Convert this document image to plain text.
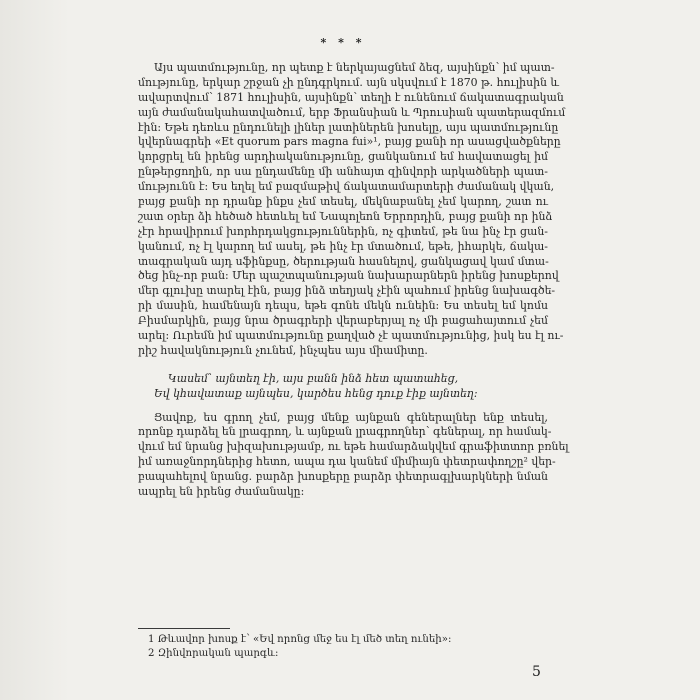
* * *
Այս պատմությունը, որ պետք է ներկայացնեմ ձեզ, այսինքն՝ իմ պատ-
մությունը, երկար շրջան չի ընդգրկում. այն սկսվում է 1870 թ. հուլիսին և
ավարտվում՝ 1871 հուլիսին, այսինքն՝ տեղի է ունենում ճակատագրական
այն ժամանակահատվածում, երբ Ֆրանսիան և Պրուսիան պատերազմում
էին: Եթե դեռևս ընդունելի լիներ լատիներեն խոսելը, այս պատմությունը
կվերնագրեի «Et quorum pars magna fui»¹, բայց քանի որ ասացվածքները
կորցրել են իրենց արդիականությունը, ցանկանում եմ հավատացել իմ
ընթերցողին, որ սա ընդամենը մի անհայտ զինվորի արկածների պատ-
մությունն է: Ես եղել եմ բազմաթիվ ճակատամարտերի ժամանակ վկան,
բայց քանի որ դրանք ինքս չեմ տեսել, մեկնաբանել չեմ կարող, շատ ու
շատ օրեր ձի հեծած հետևել եմ Նապոլեոն Երրորդին, բայց քանի որ ինձ
չէր հրավիրում խորհրդակցություններին, ոչ գիտեմ, թե նա ինչ էր ցան-
կանում, ոչ էլ կարող եմ ասել, թե ինչ էր մտածում, եթե, իհարկե, ճակա-
տագրական այդ սֆինքսը, ծերության հասնելով, ցանկացավ կամ մտա-
ծեց ինչ-որ բան: Մեր պաշտպանության նախարարներն իրենց խոսքերով
մեր գլուխը տարել էին, բայց ինձ տեղյակ չէին պահում իրենց նախագծե-
րի մասին, համենայն դեպս, եթե գոնե մեկն ունեին: Ես տեսել եմ կոմս
Բիսմարկին, բայց նրա ծրագրերի վերաբերյալ ոչ մի բացահայտում չեմ
արել: Ուրեմն իմ պատմությունը քաղված չէ պատմությունից, իսկ ես էլ ու-
րիշ հավակնություն չունեմ, ինչպես այս միամիտը.
Կասեմ՝ այնտեղ էի, այս բանն ինձ հետ պատահեց,
Եվ կհավատաք այնպես, կարծես հենց դուք էիք այնտեղ:
Ցավոք, ես գրող չեմ, բայց մենք այնքան գեներալներ ենք տեսել,
որոնք դարձել են լրագրող, և այնքան լրագրողներ՝ գեներալ, որ համակ-
վում եմ նրանց խիզախությամբ, ու եթե համարձակվեմ գրաֆիտտոր բռնել
իմ առաջնորդներից հետո, ապա դա կանեմ միմիայն փետրափողշը² վեր-
բապահելով նրանց. բարձր խոսքերը բարձր փետրագլխարկների նման
ապրել են իրենց ժամանակը:
1 Թևավոր խոսք է՝ «Եվ որոնց մեջ ես էլ մեծ տեղ ունեի»:
2 Զինվորական պարգև:
5
